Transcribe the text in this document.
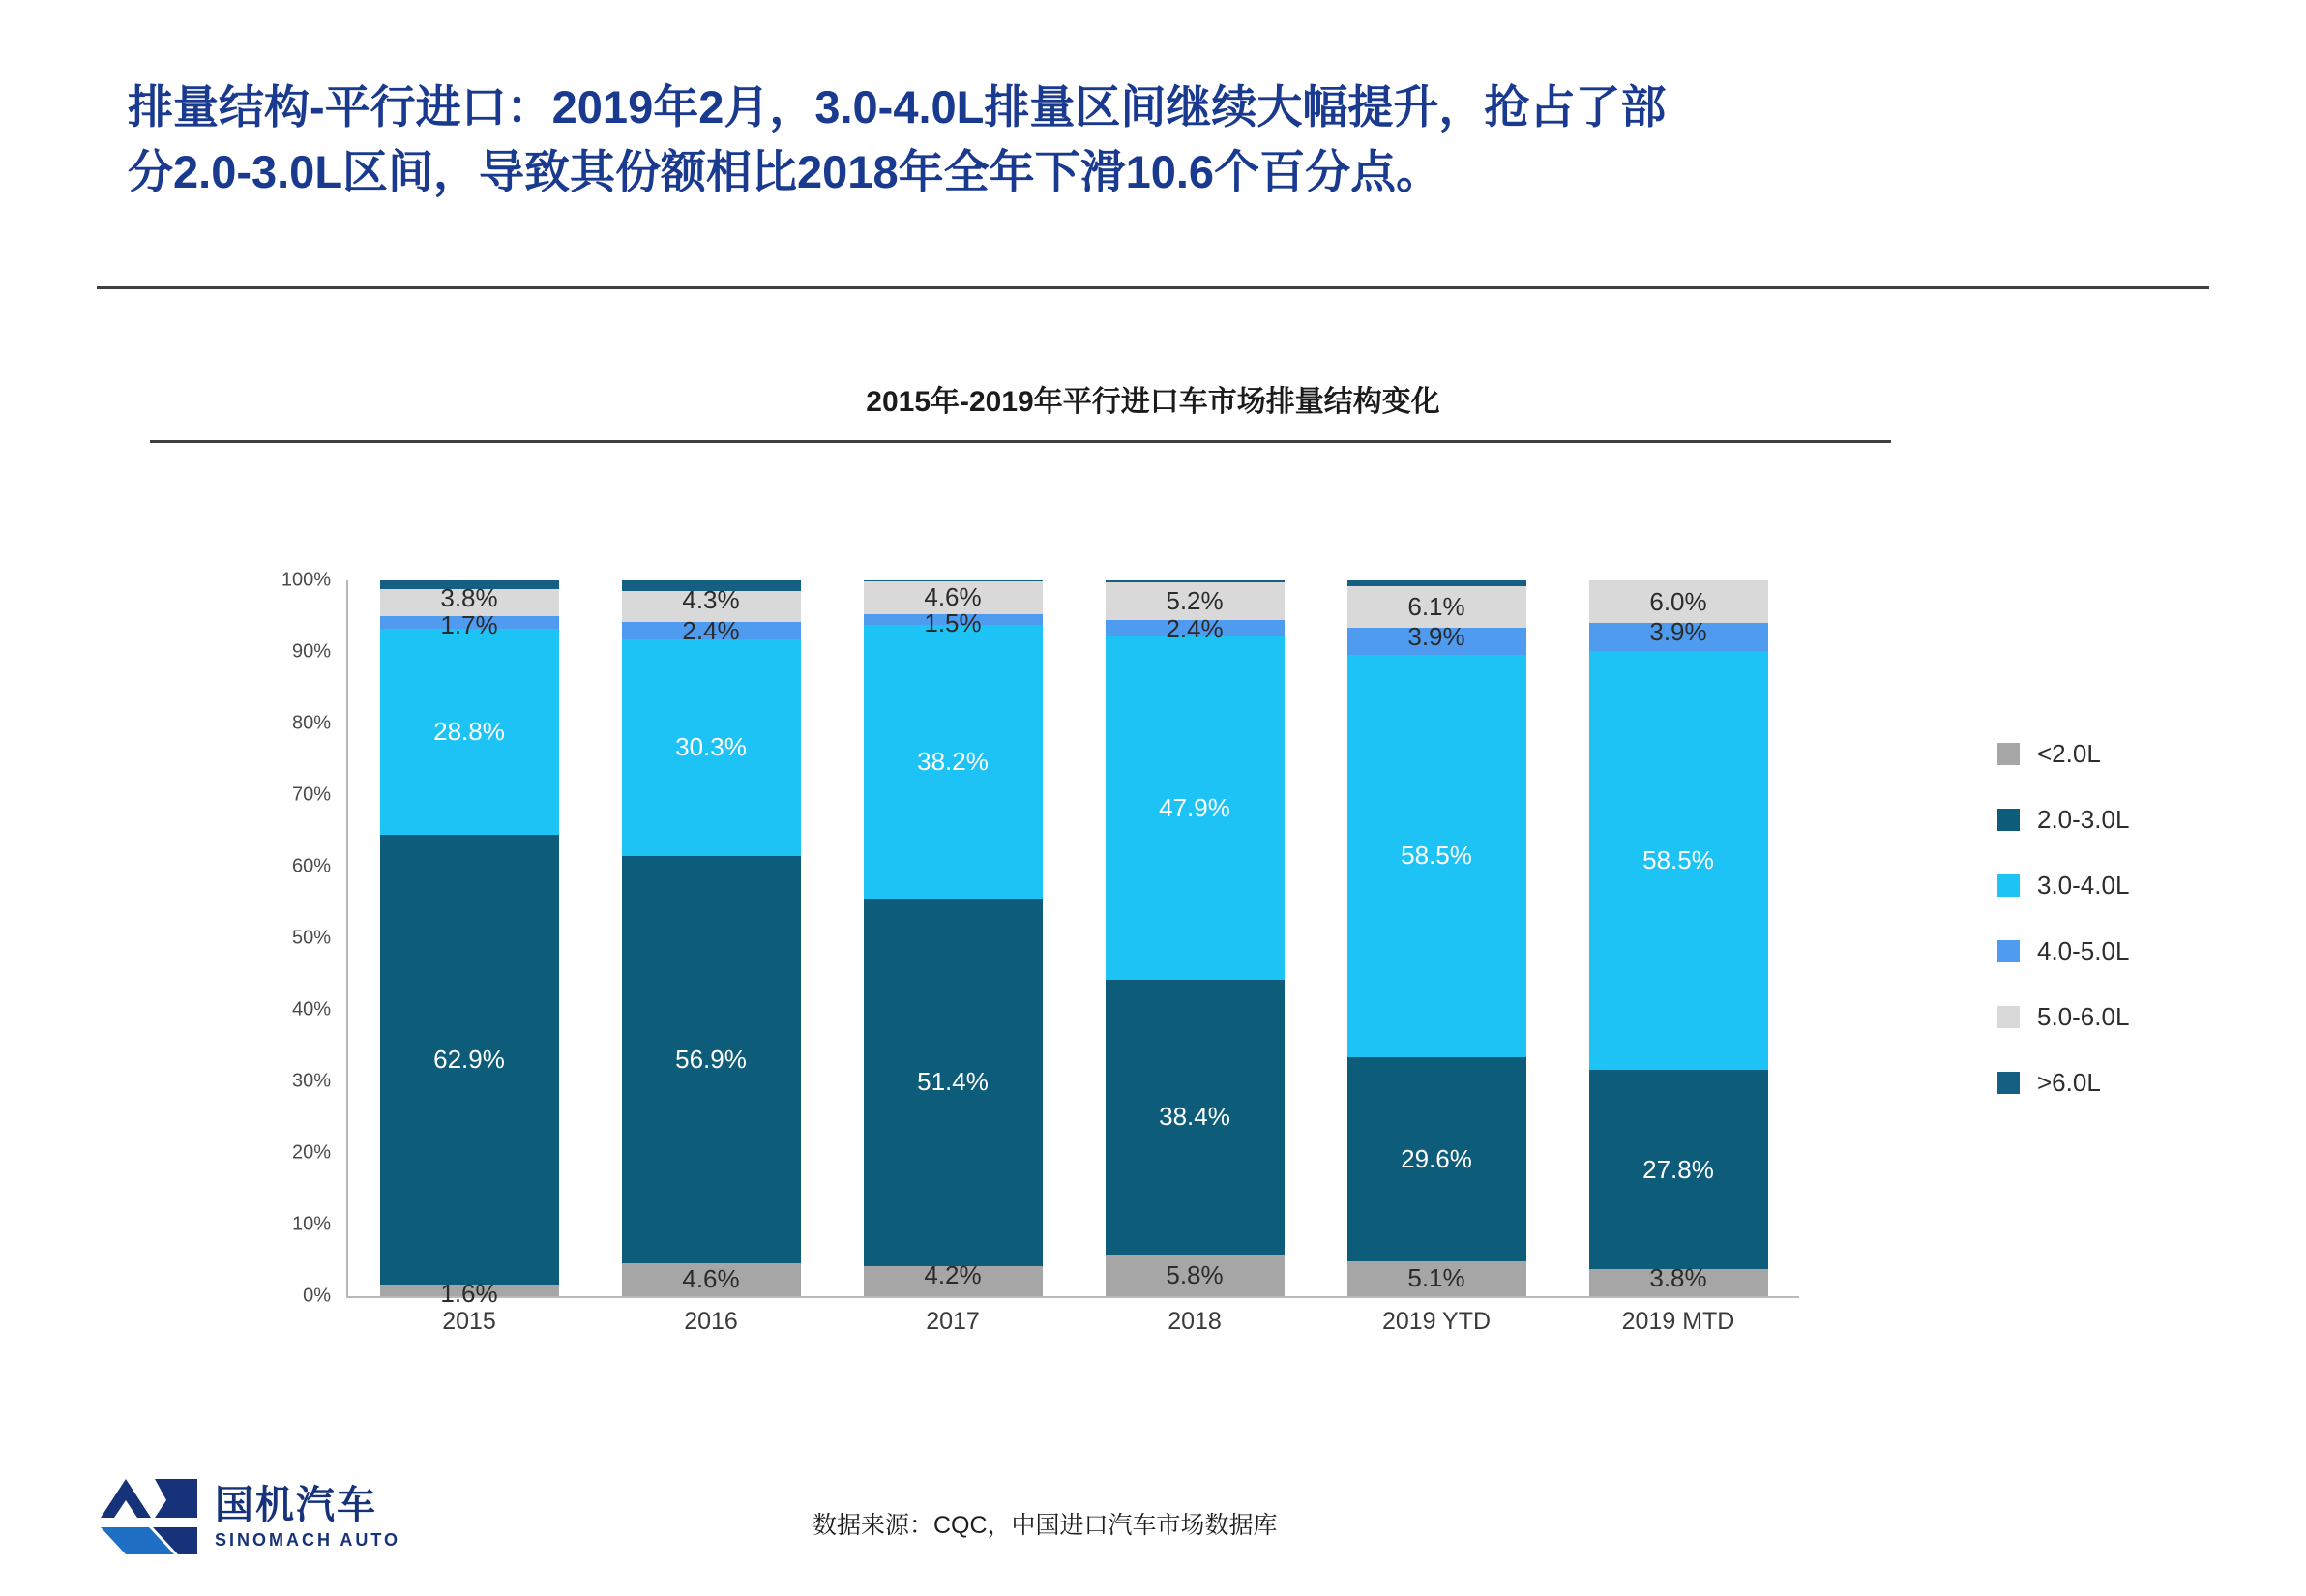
排量结构-平行进口：2019年2月，3.0-4.0L排量区间继续大幅提升，抢占了部
分2.0-3.0L区间，导致其份额相比2018年全年下滑10.6个百分点。
2015年-2019年平行进口车市场排量结构变化
100%
90%
80%
70%
60%
50%
40%
30%
20%
10%
0%
3.8%
1.7%
28.8%
62.9%
1.6%
4.3%
2.4%
30.3%
56.9%
4.6%
4.6%
1.5%
38.2%
51.4%
4.2%
5.2%
2.4%
47.9%
38.4%
5.8%
6.1%
3.9%
58.5%
29.6%
5.1%
6.0%
3.9%
58.5%
27.8%
3.8%
2015	2016	2017	2018	2019 YTD	2019 MTD
<2.0L
2.0-3.0L
3.0-4.0L
4.0-5.0L
5.0-6.0L
>6.0L
国机汽车
SINOMACH AUTO
数据来源：CQC，中国进口汽车市场数据库
